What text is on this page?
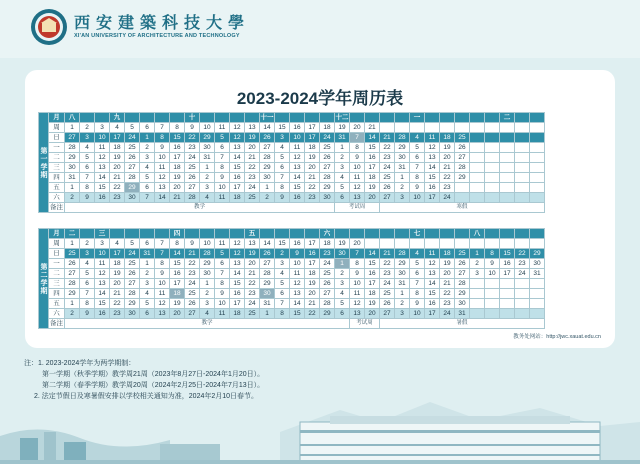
西安建築科技大學
XI'AN UNIVERSITY OF ARCHITECTURE AND TECHNOLOGY
2023-2024学年周历表
第一学期	月	八			九					十					十一					十二					一						二		
	周	1	2	3	4	5	6	7	8	9	10	11	12	13	14	15	16	17	18	19	20	21											
	日	27	3	10	17	24	1	8	15	22	29	5	12	19	26	3	10	17	24	31	7	14	21	28	4	11	18	25					
	一	28	4	11	18	25	2	9	16	23	30	6	13	20	27	4	11	18	25	1	8	15	22	29	5	12	19	26					
	二	29	5	12	19	26	3	10	17	24	31	7	14	21	28	5	12	19	26	2	9	16	23	30	6	13	20	27					
	三	30	6	13	20	27	4	11	18	25	1	8	15	22	29	6	13	20	27	3	10	17	24	31	7	14	21	28					
	四	31	7	14	21	28	5	12	19	26	2	9	16	23	30	7	14	21	28	4	11	18	25	1	8	15	22	29					
	五	1	8	15	22	29	6	13	20	27	3	10	17	24	1	8	15	22	29	5	12	19	26	2	9	16	23						
	六	2	9	16	23	30	7	14	21	28	4	11	18	25	2	9	16	23	30	6	13	20	27	3	10	17	24						
	备注	教学																		考试周			寒假										
第二学期	月	二		三					四					五					六						七				八				
	周	1	2	3	4	5	6	7	8	9	10	11	12	13	14	15	16	17	18	19	20												
	日	25	3	10	17	24	31	7	14	21	28	5	12	19	26	2	9	16	23	30	7	14	21	28	4	11	18	25	1	8	15	22	29
	一	26	4	11	18	25	1	8	15	22	29	6	13	20	27	3	10	17	24	1	8	15	22	29	5	12	19	26	2	9	16	23	30
	二	27	5	12	19	26	2	9	16	23	30	7	14	21	28	4	11	18	25	2	9	16	23	30	6	13	20	27	3	10	17	24	31
	三	28	6	13	20	27	3	10	17	24	1	8	15	22	29	5	12	19	26	3	10	17	24	31	7	14	21	28					
	四	29	7	14	21	28	4	11	18	25	2	9	16	23	30	6	13	20	27	4	11	18	25	1	8	15	22	29					
	五	1	8	15	22	29	5	12	19	26	3	10	17	24	31	7	14	21	28	5	12	19	26	2	9	16	23	30					
	六	2	9	16	23	30	6	13	20	27	4	11	18	25	1	8	15	22	29	6	13	20	27	3	10	17	24	31					
	备注	教学																			考试周		暑假										
教务处网站：http://jwc.xauat.edu.cn
注：1. 2023-2024学年为两学期制：
第一学期（秋季学期）教学周21周（2023年8月27日-2024年1月20日）。
第二学期（春季学期）教学周20周（2024年2月25日-2024年7月13日）。
2. 法定节假日及寒暑假安排以学校相关通知为准，2024年2月10日春节。
